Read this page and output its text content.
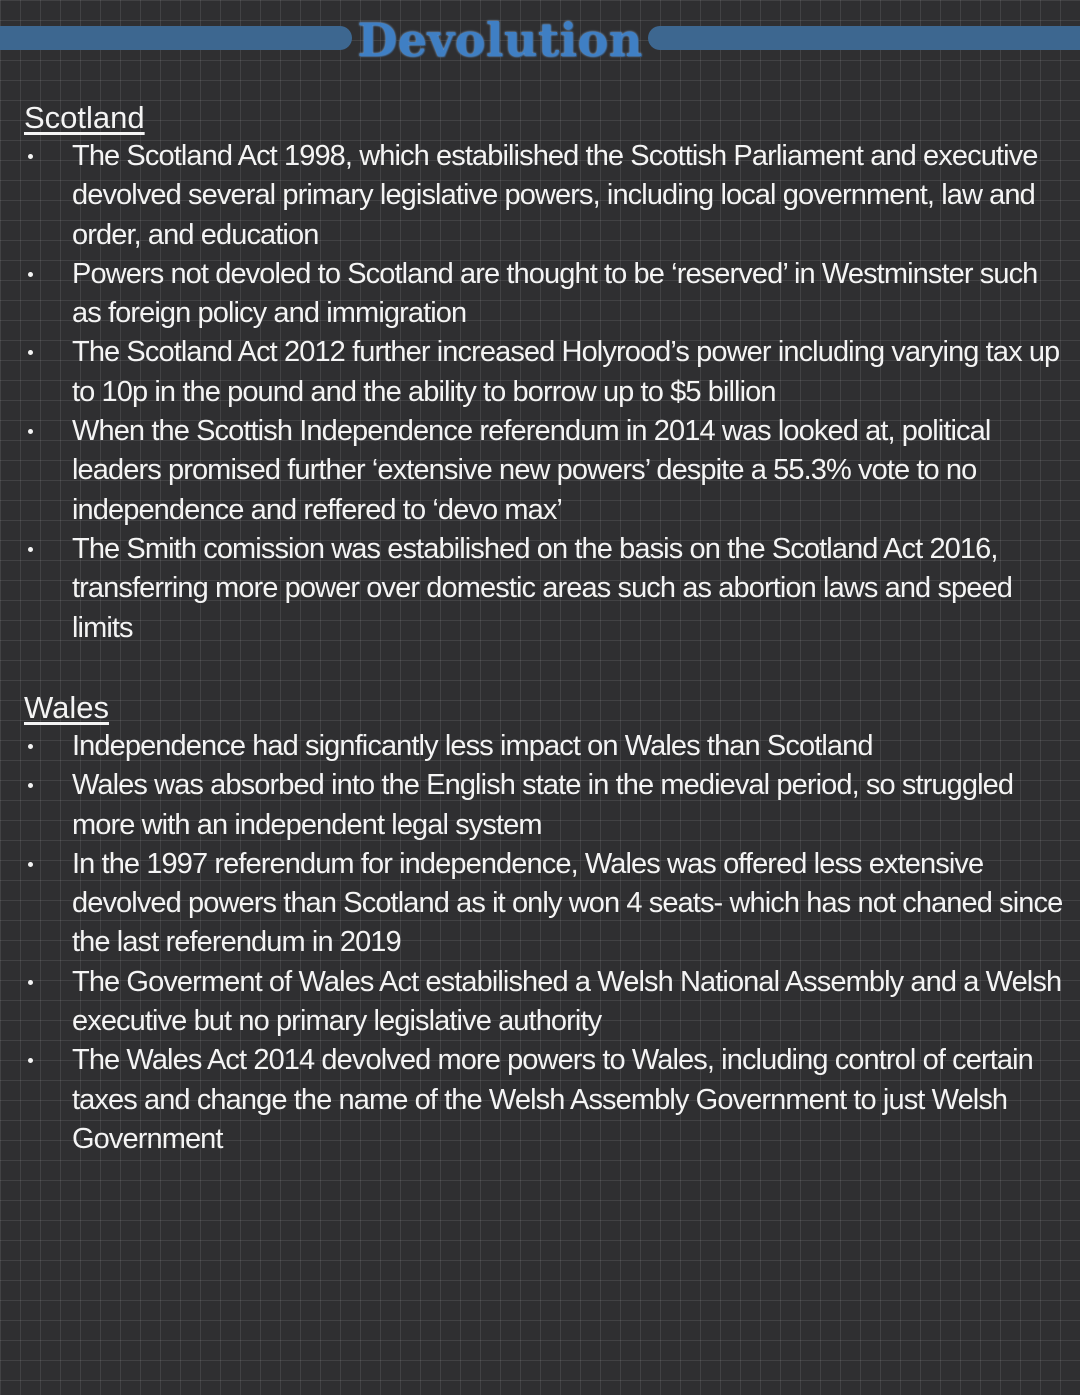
Devolution
Scotland
The Scotland Act 1998, which estabilished the Scottish Parliament and executive devolved several primary legislative powers, including local government, law and order, and education
Powers not devoled to Scotland are thought to be ‘reserved’ in Westminster such as foreign policy and immigration
The Scotland Act 2012 further increased Holyrood’s power including varying tax up to 10p in the pound and the ability to borrow up to $5 billion
When the Scottish Independence referendum in 2014 was looked at, political leaders promised further ‘extensive new powers’ despite a 55.3% vote to no independence and reffered to ‘devo max’
The Smith comission was estabilished on the basis on the Scotland Act 2016, transferring more power over domestic areas such as abortion laws and speed limits
Wales
Independence had signficantly less impact on Wales than Scotland
Wales was absorbed into the English state in the medieval period, so struggled more with an independent legal system
In the 1997 referendum for independence, Wales was offered less extensive devolved powers than Scotland as it only won 4 seats- which has not chaned since the last referendum in 2019
The Goverment of Wales Act estabilished a Welsh National Assembly and a Welsh executive but no primary legislative authority
The Wales Act 2014 devolved more powers to Wales, including control of certain taxes and change the name of the Welsh Assembly Government to just Welsh Government
